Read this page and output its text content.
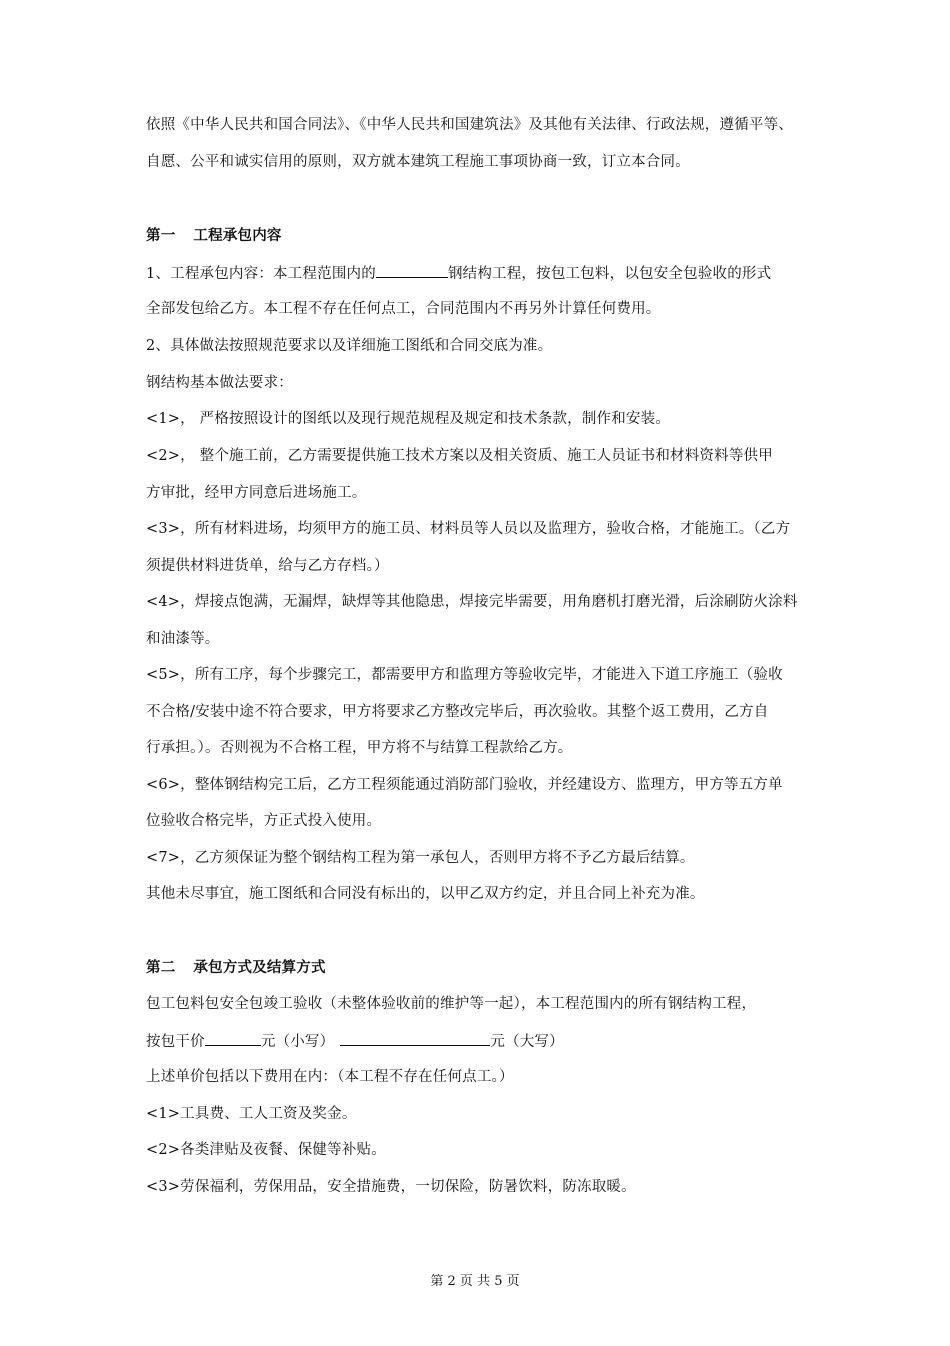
依照《中华人民共和国合同法》、《中华人民共和国建筑法》及其他有关法律、行政法规，遵循平等、
自愿、公平和诚实信用的原则，双方就本建筑工程施工事项协商一致，订立本合同。
第一 工程承包内容
1、工程承包内容：本工程范围内的	钢结构工程，按包工包料，以包安全包验收的形式
全部发包给乙方。本工程不存在任何点工，合同范围内不再另外计算任何费用。
2、具体做法按照规范要求以及详细施工图纸和合同交底为准。
钢结构基本做法要求：
<1>， 严格按照设计的图纸以及现行规范规程及规定和技术条款，制作和安装。
<2>， 整个施工前，乙方需要提供施工技术方案以及相关资质、施工人员证书和材料资料等供甲
方审批，经甲方同意后进场施工。
<3>，所有材料进场，均须甲方的施工员、材料员等人员以及监理方，验收合格，才能施工。（乙方
须提供材料进货单，给与乙方存档。）
<4>，焊接点饱满，无漏焊，缺焊等其他隐患，焊接完毕需要，用角磨机打磨光滑，后涂刷防火涂料
和油漆等。
<5>，所有工序，每个步骤完工，都需要甲方和监理方等验收完毕，才能进入下道工序施工（验收
不合格/安装中途不符合要求，甲方将要求乙方整改完毕后，再次验收。其整个返工费用，乙方自
行承担。）。否则视为不合格工程，甲方将不与结算工程款给乙方。
<6>，整体钢结构完工后，乙方工程须能通过消防部门验收，并经建设方、监理方，甲方等五方单
位验收合格完毕，方正式投入使用。
<7>，乙方须保证为整个钢结构工程为第一承包人，否则甲方将不予乙方最后结算。
其他未尽事宜，施工图纸和合同没有标出的，以甲乙双方约定，并且合同上补充为准。
第二 承包方式及结算方式
包工包料包安全包竣工验收（未整体验收前的维护等一起），本工程范围内的所有钢结构工程，
按包干价	元（小写）	元（大写）
上述单价包括以下费用在内：（本工程不存在任何点工。）
<1>工具费、工人工资及奖金。
<2>各类津贴及夜餐、保健等补贴。
<3>劳保福利，劳保用品，安全措施费，一切保险，防暑饮料，防冻取暖。
第 2 页 共 5 页
